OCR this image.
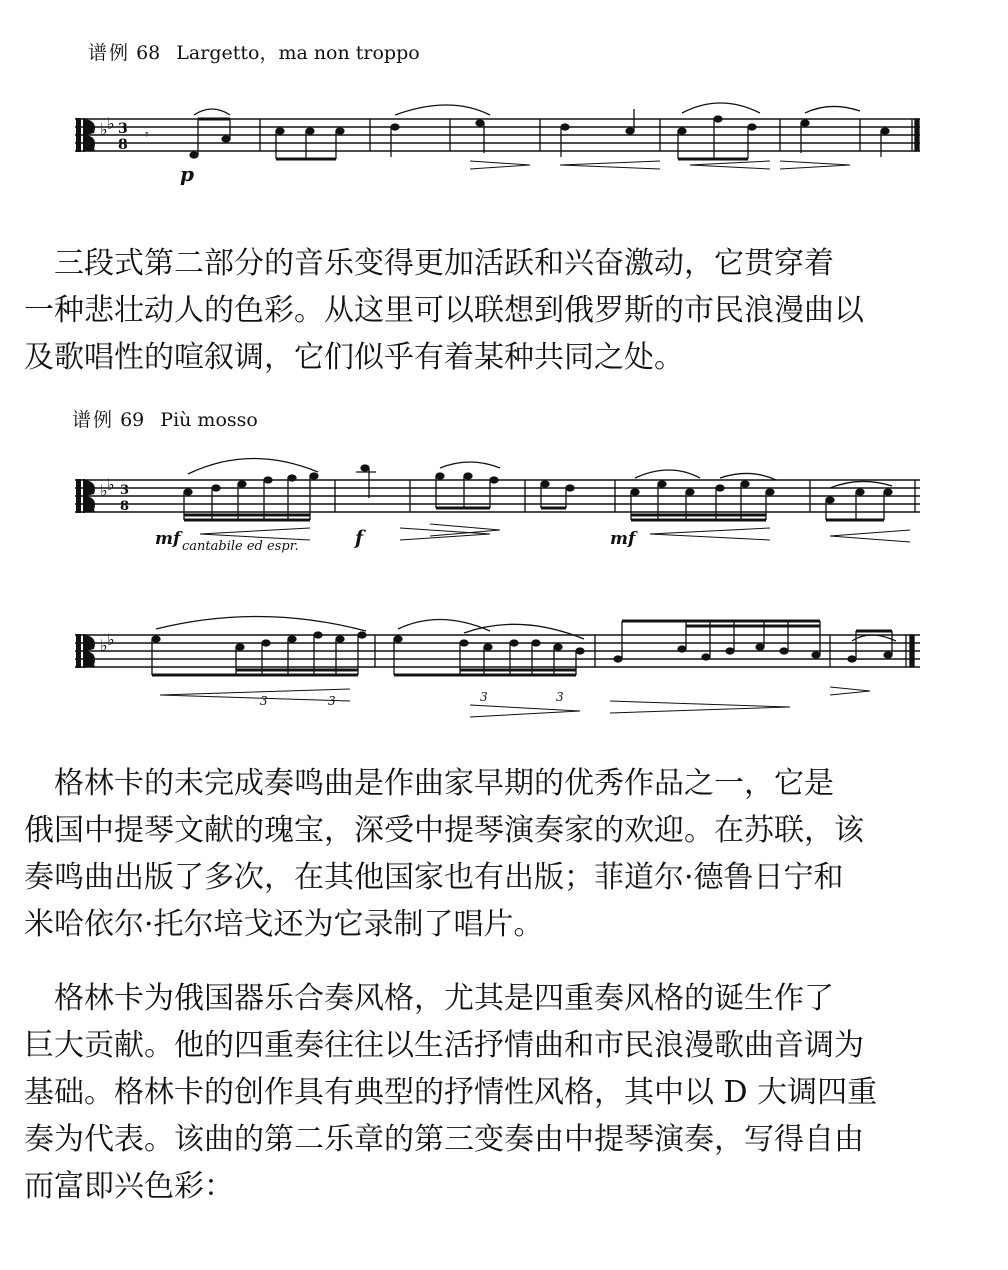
谱例 68 Largetto，ma non troppo
♭ ♭ 3
8
𝄾
p

　三段式第二部分的音乐变得更加活跃和兴奋激动，它贯穿着

一种悲壮动人的色彩。从这里可以联想到俄罗斯的市民浪漫曲以

及歌唱性的喧叙调，它们似乎有着某种共同之处。

谱例 69 Più mosso
♭ ♭ 3
8
mf cantabile ed espr.	f	mf
♭ ♭
3	3	3	3

　格林卡的未完成奏鸣曲是作曲家早期的优秀作品之一，它是

俄国中提琴文献的瑰宝，深受中提琴演奏家的欢迎。在苏联，该

奏鸣曲出版了多次，在其他国家也有出版；菲道尔·德鲁日宁和

米哈依尔·托尔培戈还为它录制了唱片。

　格林卡为俄国器乐合奏风格，尤其是四重奏风格的诞生作了

巨大贡献。他的四重奏往往以生活抒情曲和市民浪漫歌曲音调为

基础。格林卡的创作具有典型的抒情性风格，其中以 D 大调四重

奏为代表。该曲的第二乐章的第三变奏由中提琴演奏，写得自由

而富即兴色彩：
